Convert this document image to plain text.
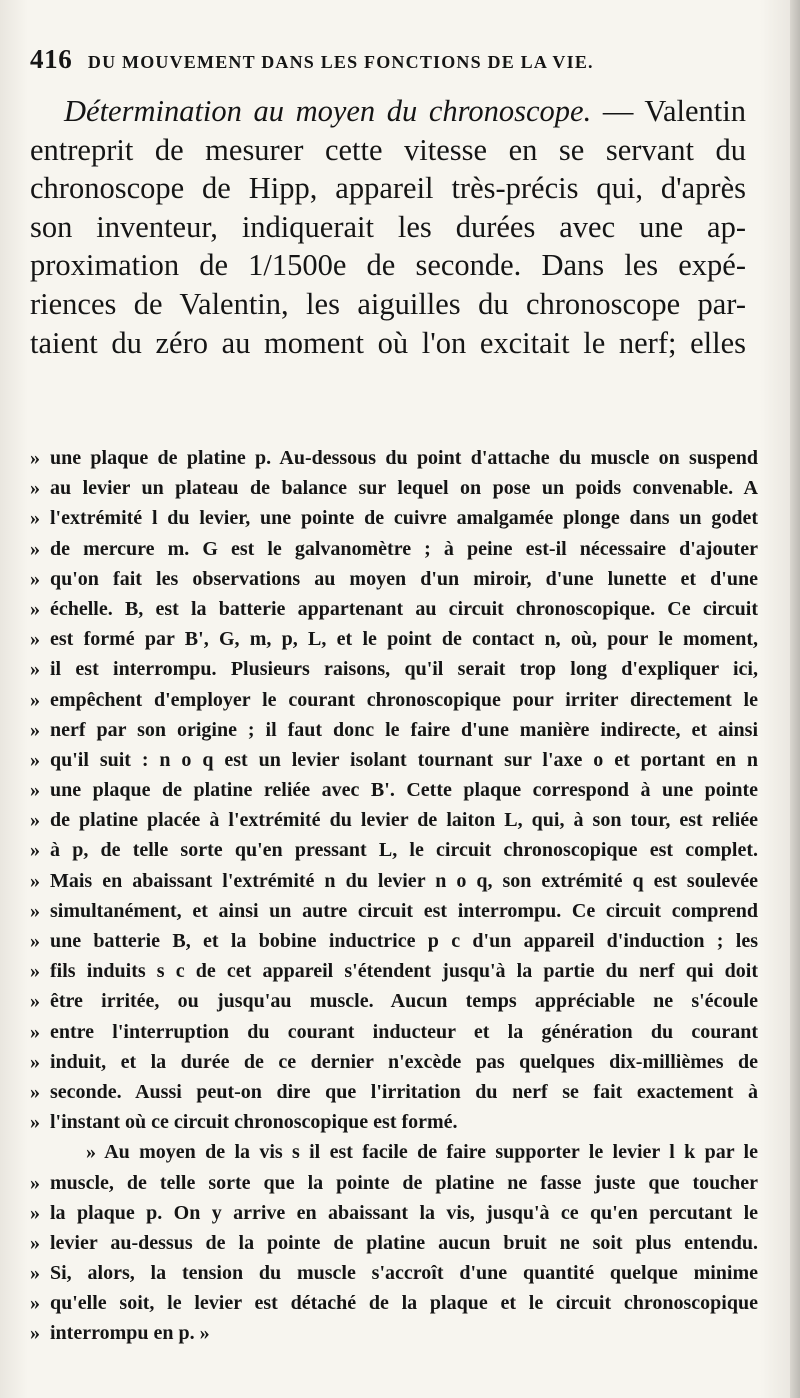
416 DU MOUVEMENT DANS LES FONCTIONS DE LA VIE.
Détermination au moyen du chronoscope. — Valentin
entreprit de mesurer cette vitesse en se servant du
chronoscope de Hipp, appareil très-précis qui, d'après
son inventeur, indiquerait les durées avec une ap-
proximation de 1/1500e de seconde. Dans les expé-
riences de Valentin, les aiguilles du chronoscope par-
taient du zéro au moment où l'on excitait le nerf; elles
» une plaque de platine p. Au-dessous du point d'attache du muscle on suspend
» au levier un plateau de balance sur lequel on pose un poids convenable. A
» l'extrémité l du levier, une pointe de cuivre amalgamée plonge dans un godet
» de mercure m. G est le galvanomètre ; à peine est-il nécessaire d'ajouter
» qu'on fait les observations au moyen d'un miroir, d'une lunette et d'une
» échelle. B, est la batterie appartenant au circuit chronoscopique. Ce circuit
» est formé par B', G, m, p, L, et le point de contact n, où, pour le moment,
» il est interrompu. Plusieurs raisons, qu'il serait trop long d'expliquer ici,
» empêchent d'employer le courant chronoscopique pour irriter directement le
» nerf par son origine ; il faut donc le faire d'une manière indirecte, et ainsi
» qu'il suit : n o q est un levier isolant tournant sur l'axe o et portant en n
» une plaque de platine reliée avec B'. Cette plaque correspond à une pointe
» de platine placée à l'extrémité du levier de laiton L, qui, à son tour, est reliée
» à p, de telle sorte qu'en pressant L, le circuit chronoscopique est complet.
» Mais en abaissant l'extrémité n du levier n o q, son extrémité q est soulevée
» simultanément, et ainsi un autre circuit est interrompu. Ce circuit comprend
» une batterie B, et la bobine inductrice p c d'un appareil d'induction ; les
» fils induits s c de cet appareil s'étendent jusqu'à la partie du nerf qui doit
» être irritée, ou jusqu'au muscle. Aucun temps appréciable ne s'écoule
» entre l'interruption du courant inducteur et la génération du courant
» induit, et la durée de ce dernier n'excède pas quelques dix-millièmes de
» seconde. Aussi peut-on dire que l'irritation du nerf se fait exactement à
» l'instant où ce circuit chronoscopique est formé.
» Au moyen de la vis s il est facile de faire supporter le levier l k par le
» muscle, de telle sorte que la pointe de platine ne fasse juste que toucher
» la plaque p. On y arrive en abaissant la vis, jusqu'à ce qu'en percutant le
» levier au-dessus de la pointe de platine aucun bruit ne soit plus entendu.
» Si, alors, la tension du muscle s'accroît d'une quantité quelque minime
» qu'elle soit, le levier est détaché de la plaque et le circuit chronoscopique
» interrompu en p. »
